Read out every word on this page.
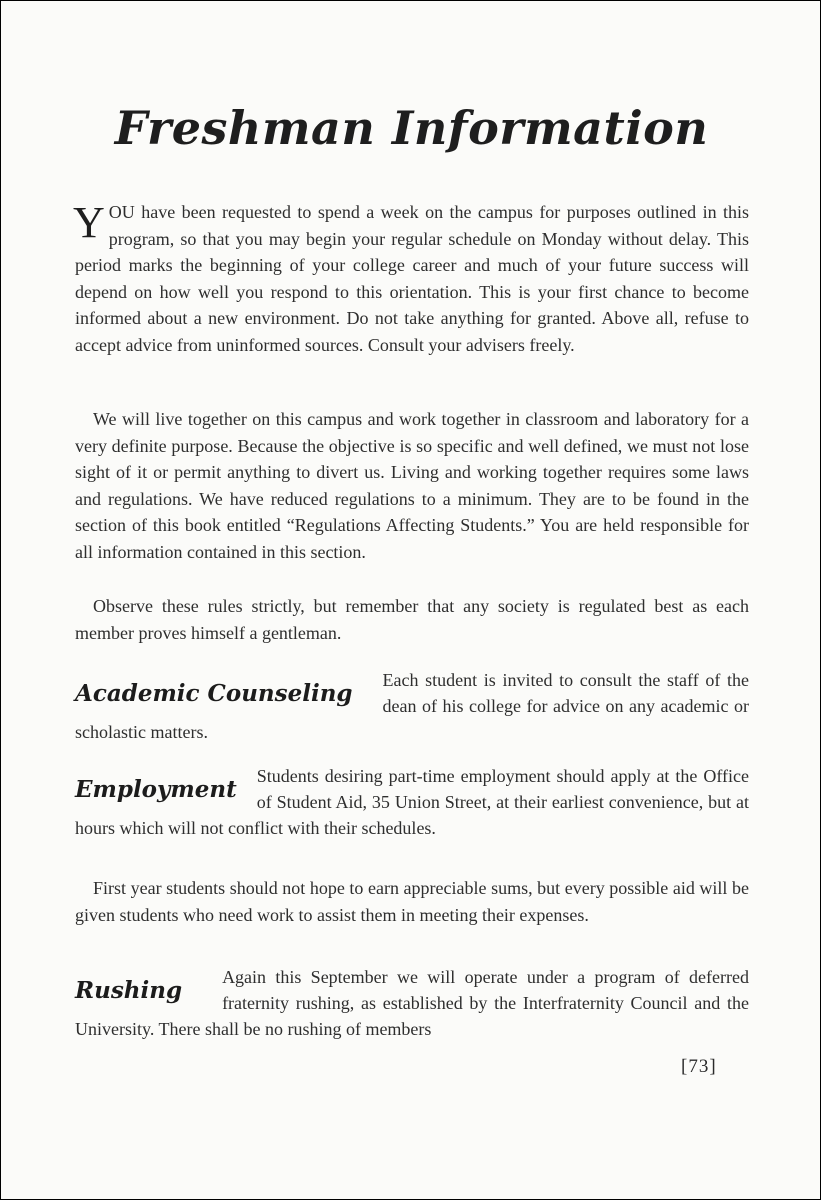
Freshman Information
YOU have been requested to spend a week on the campus for purposes outlined in this program, so that you may begin your regular schedule on Monday without delay. This period marks the beginning of your college career and much of your future success will depend on how well you respond to this orientation. This is your first chance to become informed about a new environment. Do not take anything for granted. Above all, refuse to accept advice from uninformed sources. Consult your advisers freely.
We will live together on this campus and work together in classroom and laboratory for a very definite purpose. Because the objective is so specific and well defined, we must not lose sight of it or permit anything to divert us. Living and working together requires some laws and regulations. We have reduced regulations to a minimum. They are to be found in the section of this book entitled “Regulations Affecting Students.” You are held responsible for all information contained in this section.
Observe these rules strictly, but remember that any society is regulated best as each member proves himself a gentleman.
Academic Counseling	Each student is invited to consult the staff of the dean of his college for advice on any academic or scholastic matters.
Employment	Students desiring part-time employment should apply at the Office of Student Aid, 35 Union Street, at their earliest convenience, but at hours which will not conflict with their schedules.
First year students should not hope to earn appreciable sums, but every possible aid will be given students who need work to assist them in meeting their expenses.
Rushing	Again this September we will operate under a program of deferred fraternity rushing, as established by the Interfraternity Council and the University. There shall be no rushing of members
[73]
